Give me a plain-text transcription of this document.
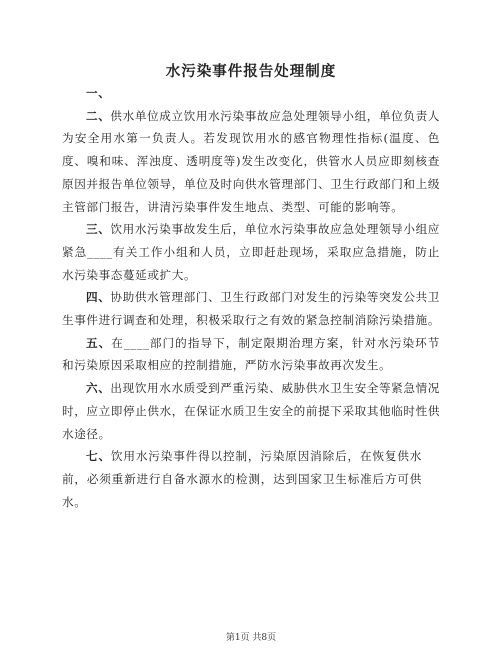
水污染事件报告处理制度

一、

二、供水单位成立饮用水污染事故应急处理领导小组，单位负责人为安全用水第一负责人。若发现饮用水的感官物理性指标(温度、色度、嗅和味、浑浊度、透明度等)发生改变化，供管水人员应即刻核查原因并报告单位领导，单位及时向供水管理部门、卫生行政部门和上级主管部门报告，讲清污染事件发生地点、类型、可能的影响等。

三、饮用水污染事故发生后，单位水污染事故应急处理领导小组应紧急____有关工作小组和人员，立即赶赴现场，采取应急措施，防止水污染事态蔓延或扩大。

四、协助供水管理部门、卫生行政部门对发生的污染等突发公共卫生事件进行调查和处理，积极采取行之有效的紧急控制消除污染措施。

五、在____部门的指导下，制定限期治理方案，针对水污染环节和污染原因采取相应的控制措施，严防水污染事故再次发生。

六、出现饮用水水质受到严重污染、威胁供水卫生安全等紧急情况时，应立即停止供水，在保证水质卫生安全的前提下采取其他临时性供水途径。

七、饮用水污染事件得以控制，污染原因消除后，在恢复供水前，必须重新进行自备水源水的检测，达到国家卫生标准后方可供水。

第1页 共8页
